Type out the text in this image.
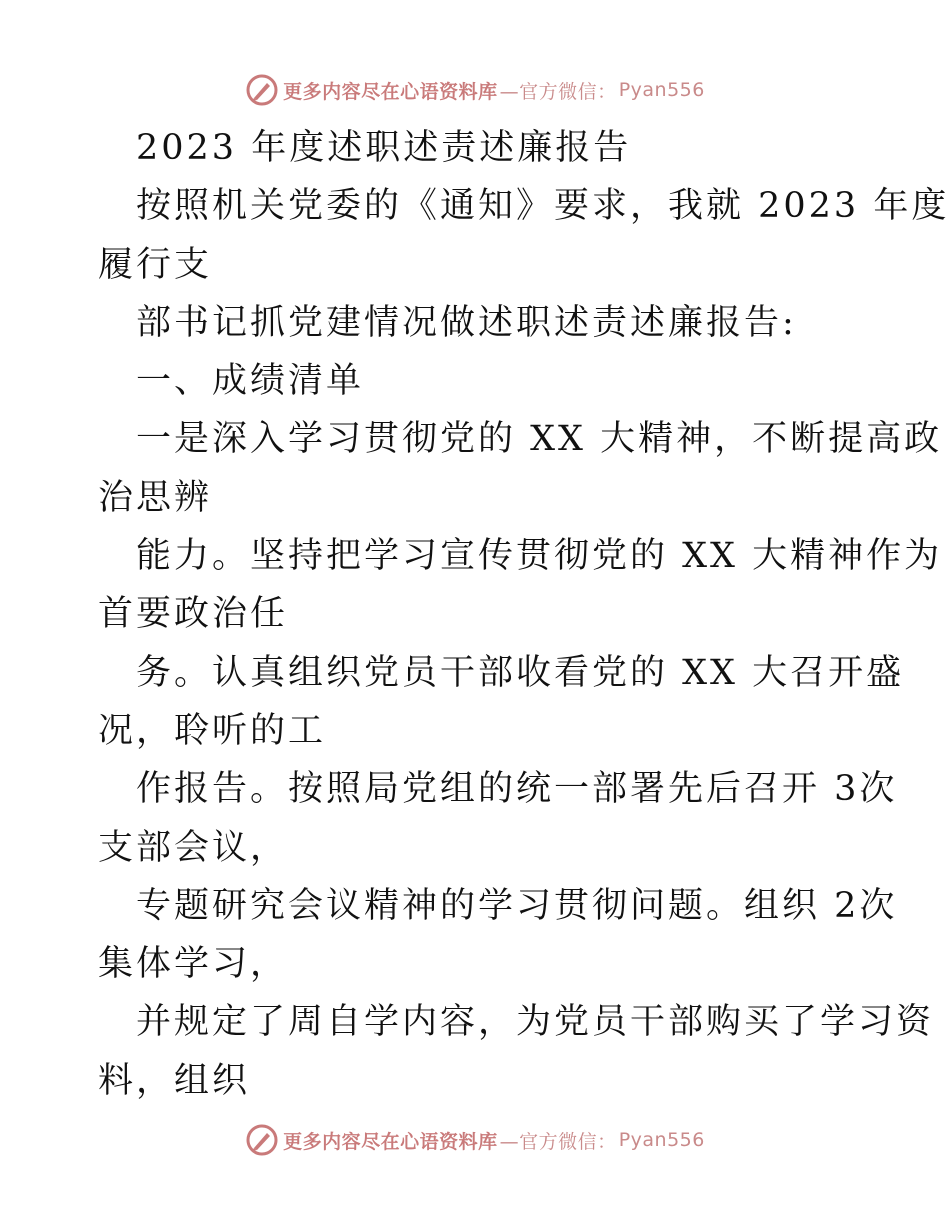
更多内容尽在心语资料库 —官方微信： Pyan556
2023 年度述职述责述廉报告
按照机关党委的《通知》要求，我就 2023 年度
履行支
部书记抓党建情况做述职述责述廉报告:
一、成绩清单
一是深入学习贯彻党的 XX 大精神，不断提高政
治思辨
能力。坚持把学习宣传贯彻党的 XX 大精神作为
首要政治任
务。认真组织党员干部收看党的 XX 大召开盛
况，聆听的工
作报告。按照局党组的统一部署先后召开 3次
支部会议，
专题研究会议精神的学习贯彻问题。组织 2次
集体学习，
并规定了周自学内容，为党员干部购买了学习资
料，组织
更多内容尽在心语资料库 —官方微信： Pyan556
